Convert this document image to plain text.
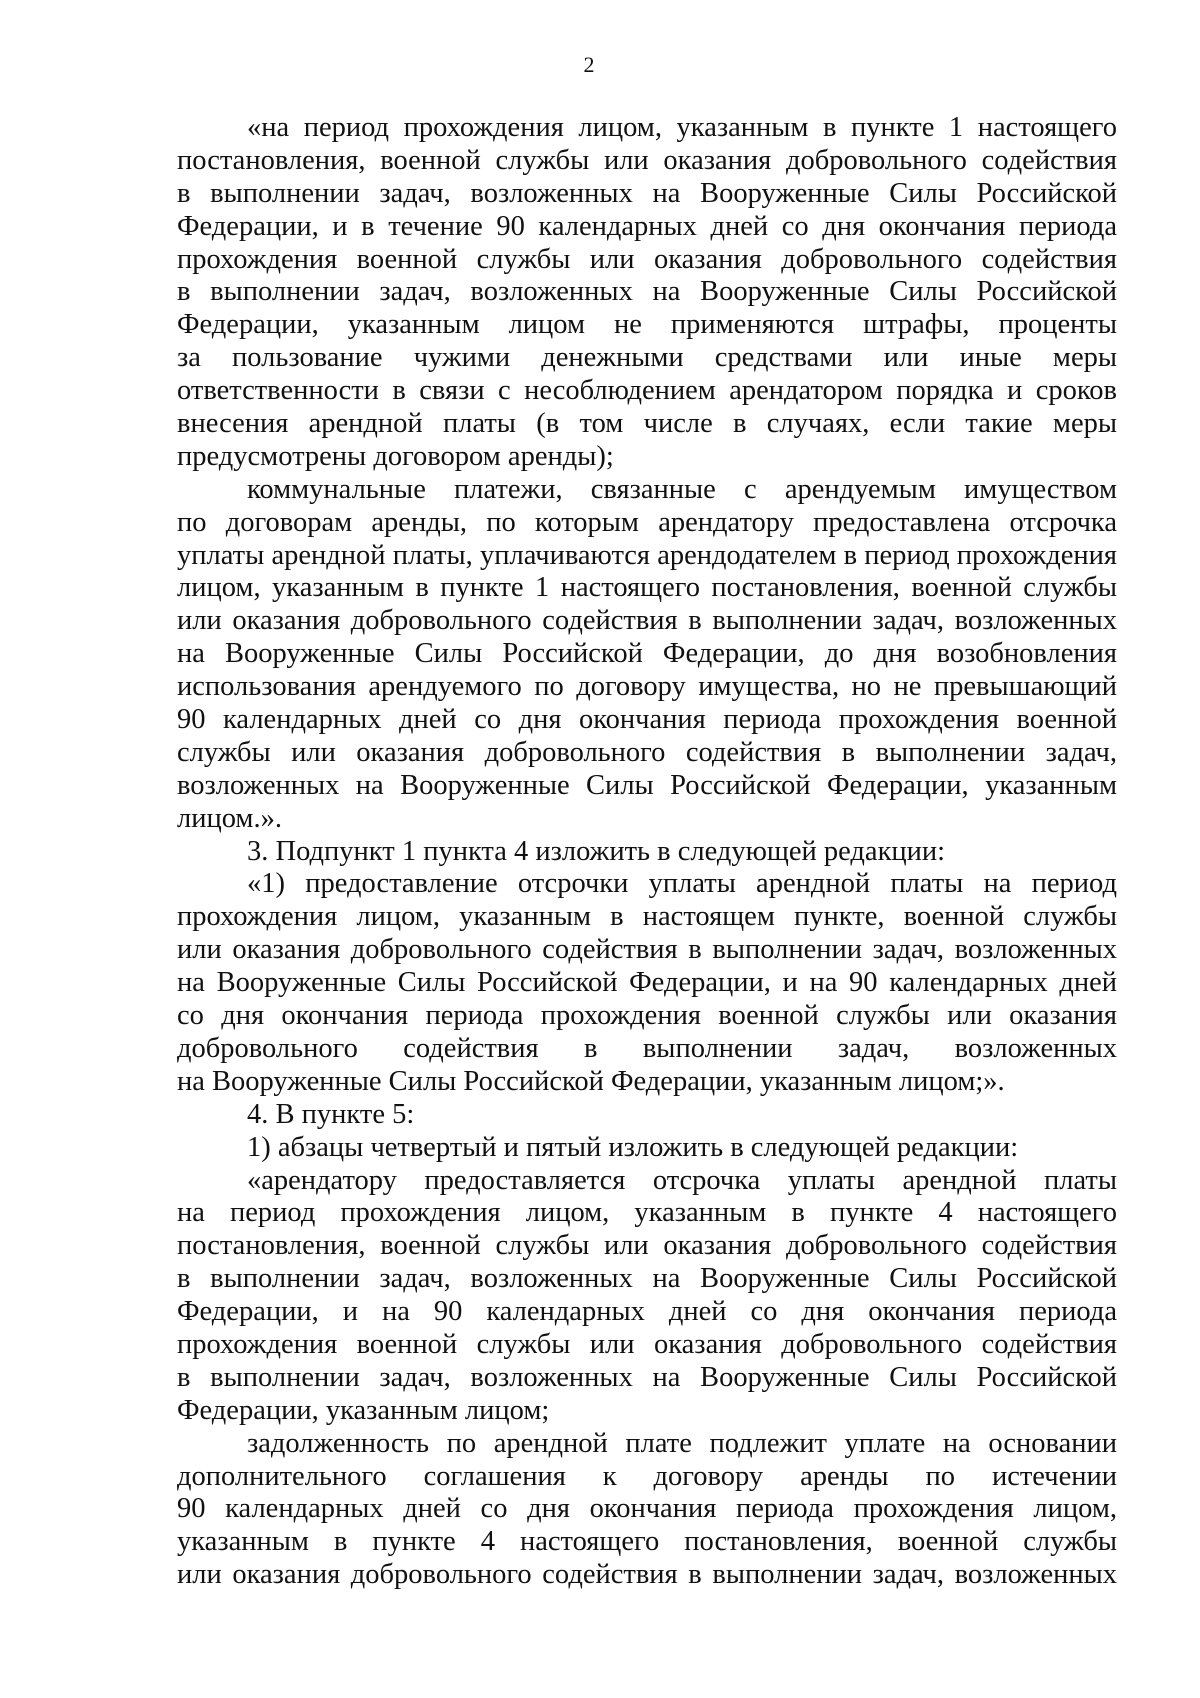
2
«на период прохождения лицом, указанным в пункте 1 настоящего
постановления, военной службы или оказания добровольного содействия
в выполнении задач, возложенных на Вооруженные Силы Российской
Федерации, и в течение 90 календарных дней со дня окончания периода
прохождения военной службы или оказания добровольного содействия
в выполнении задач, возложенных на Вооруженные Силы Российской
Федерации, указанным лицом не применяются штрафы, проценты
за пользование чужими денежными средствами или иные меры
ответственности в связи с несоблюдением арендатором порядка и сроков
внесения арендной платы (в том числе в случаях, если такие меры
предусмотрены договором аренды);
коммунальные платежи, связанные с арендуемым имуществом
по договорам аренды, по которым арендатору предоставлена отсрочка
уплаты арендной платы, уплачиваются арендодателем в период прохождения
лицом, указанным в пункте 1 настоящего постановления, военной службы
или оказания добровольного содействия в выполнении задач, возложенных
на Вооруженные Силы Российской Федерации, до дня возобновления
использования арендуемого по договору имущества, но не превышающий
90 календарных дней со дня окончания периода прохождения военной
службы или оказания добровольного содействия в выполнении задач,
возложенных на Вооруженные Силы Российской Федерации, указанным
лицом.».
3. Подпункт 1 пункта 4 изложить в следующей редакции:
«1) предоставление отсрочки уплаты арендной платы на период
прохождения лицом, указанным в настоящем пункте, военной службы
или оказания добровольного содействия в выполнении задач, возложенных
на Вооруженные Силы Российской Федерации, и на 90 календарных дней
со дня окончания периода прохождения военной службы или оказания
добровольного содействия в выполнении задач, возложенных
на Вооруженные Силы Российской Федерации, указанным лицом;».
4. В пункте 5:
1) абзацы четвертый и пятый изложить в следующей редакции:
«арендатору предоставляется отсрочка уплаты арендной платы
на период прохождения лицом, указанным в пункте 4 настоящего
постановления, военной службы или оказания добровольного содействия
в выполнении задач, возложенных на Вооруженные Силы Российской
Федерации, и на 90 календарных дней со дня окончания периода
прохождения военной службы или оказания добровольного содействия
в выполнении задач, возложенных на Вооруженные Силы Российской
Федерации, указанным лицом;
задолженность по арендной плате подлежит уплате на основании
дополнительного соглашения к договору аренды по истечении
90 календарных дней со дня окончания периода прохождения лицом,
указанным в пункте 4 настоящего постановления, военной службы
или оказания добровольного содействия в выполнении задач, возложенных
